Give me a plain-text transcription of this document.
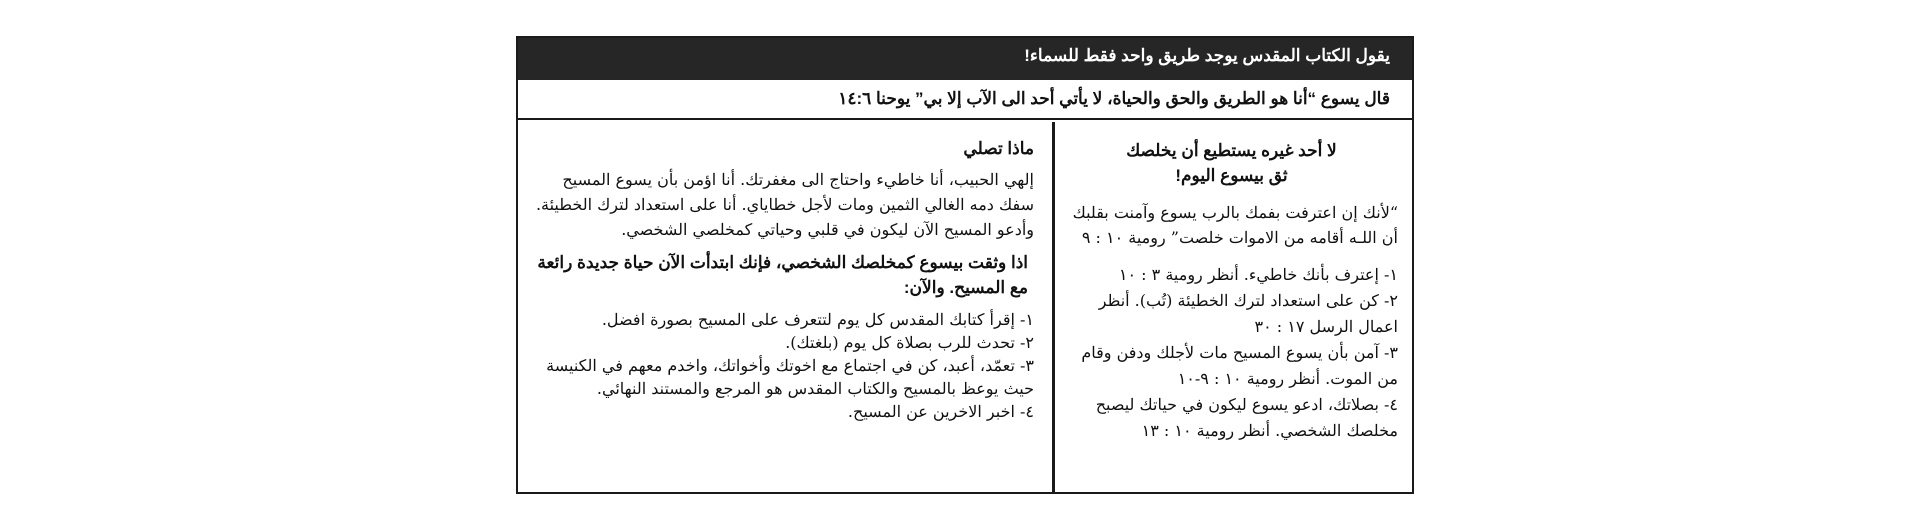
يقول الكتاب المقدس يوجد طريق واحد فقط للسماء!
قال يسوع “أنا هو الطريق والحق والحياة، لا يأتي أحد الى الآب إلا بي” يوحنا ١٤:٦

لا أحد غيره يستطيع أن يخلصك

ثق بيسوع اليوم!

“لأنك إن اعترفت بفمك بالرب يسوع وآمنت بقلبك أن اللـه أقامه من الاموات خلصت” رومية ١٠ : ٩

١- إعترف بأنك خاطيء. أنظر رومية ٣ : ١٠

٢- كن على استعداد لترك الخطيئة (تُب). أنظر اعمال الرسل ١٧ : ٣٠

٣- آمن بأن يسوع المسيح مات لأجلك ودفن وقام من الموت. أنظر رومية ١٠ : ٩-١٠

٤- بصلاتك، ادعو يسوع ليكون في حياتك ليصبح مخلصك الشخصي. أنظر رومية ١٠ : ١٣

ماذا تصلي

إلهي الحبيب، أنا خاطيء واحتاج الى مغفرتك. أنا اؤمن بأن يسوع المسيح سفك دمه الغالي الثمين ومات لأجل خطاياي. أنا على استعداد لترك الخطيئة. وأدعو المسيح الآن ليكون في قلبي وحياتي كمخلصي الشخصي.

اذا وثقت بيسوع كمخلصك الشخصي، فإنك ابتدأت الآن حياة جديدة رائعة مع المسيح. والآن:

١- إقرأ كتابك المقدس كل يوم لتتعرف على المسيح بصورة افضل.

٢- تحدث للرب بصلاة كل يوم (بلغتك).

٣- تعمّد، أعبد، كن في اجتماع مع اخوتك وأخواتك، واخدم معهم في الكنيسة حيث يوعظ بالمسيح والكتاب المقدس هو المرجع والمستند النهائي.

٤- اخبر الاخرين عن المسيح.
